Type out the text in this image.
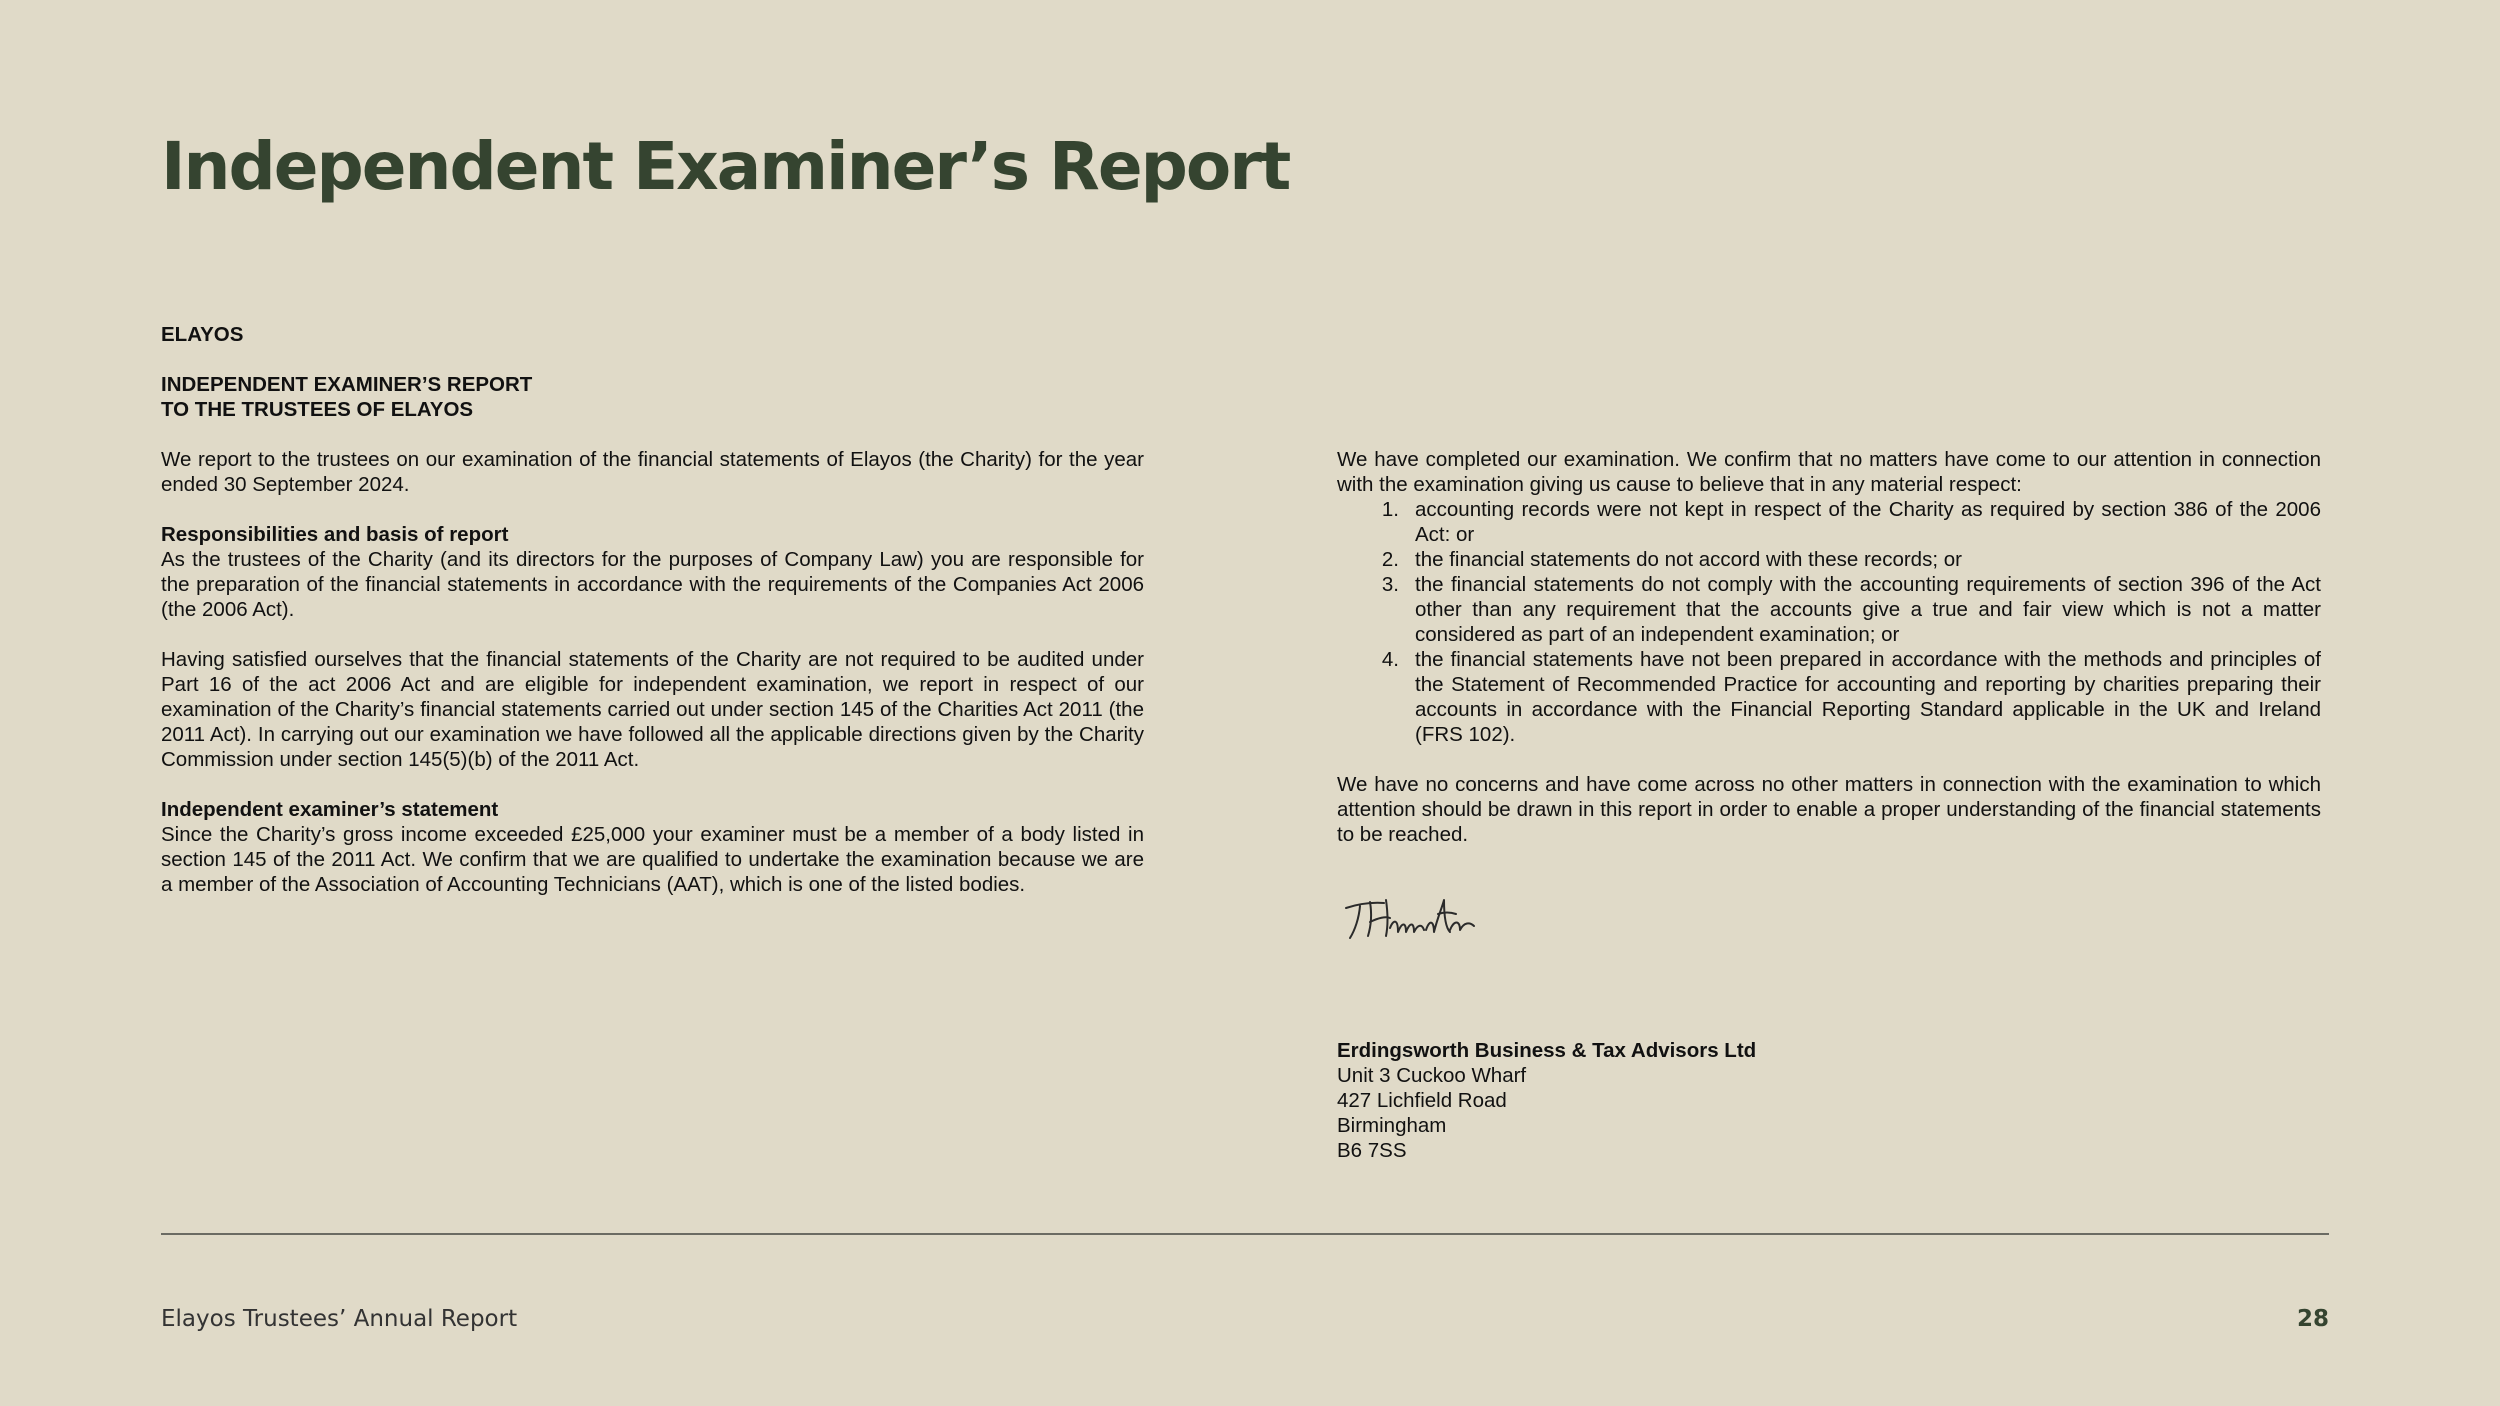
Independent Examiner’s Report

ELAYOS

INDEPENDENT EXAMINER’S REPORT

TO THE TRUSTEES OF ELAYOS

We report to the trustees on our examination of the financial statements of Elayos (the Charity) for the year ended 30 September 2024.

Responsibilities and basis of report

As the trustees of the Charity (and its directors for the purposes of Company Law) you are responsible for the preparation of the financial statements in accordance with the requirements of the Companies Act 2006 (the 2006 Act).

Having satisfied ourselves that the financial statements of the Charity are not required to be audited under Part 16 of the act 2006 Act and are eligible for independent examination, we report in respect of our examination of the Charity’s financial statements carried out under section 145 of the Charities Act 2011 (the 2011 Act). In carrying out our examination we have followed all the applicable directions given by the Charity Commission under section 145(5)(b) of the 2011 Act.

Independent examiner’s statement

Since the Charity’s gross income exceeded £25,000 your examiner must be a member of a body listed in section 145 of the 2011 Act. We confirm that we are qualified to undertake the examination because we are a member of the Association of Accounting Technicians (AAT), which is one of the listed bodies.

We have completed our examination. We confirm that no matters have come to our attention in connection with the examination giving us cause to believe that in any material respect:

1. accounting records were not kept in respect of the Charity as required by section 386 of the 2006 Act: or
2. the financial statements do not accord with these records; or
3. the financial statements do not comply with the accounting requirements of section 396 of the Act other than any requirement that the accounts give a true and fair view which is not a matter considered as part of an independent examination; or
4. the financial statements have not been prepared in accordance with the methods and principles of the Statement of Recommended Practice for accounting and reporting by charities preparing their accounts in accordance with the Financial Reporting Standard applicable in the UK and Ireland (FRS 102).

We have no concerns and have come across no other matters in connection with the examination to which attention should be drawn in this report in order to enable a proper understanding of the financial statements to be reached.

Erdingsworth Business & Tax Advisors Ltd

Unit 3 Cuckoo Wharf

427 Lichfield Road

Birmingham

B6 7SS

Elayos Trustees’ Annual Report	28
